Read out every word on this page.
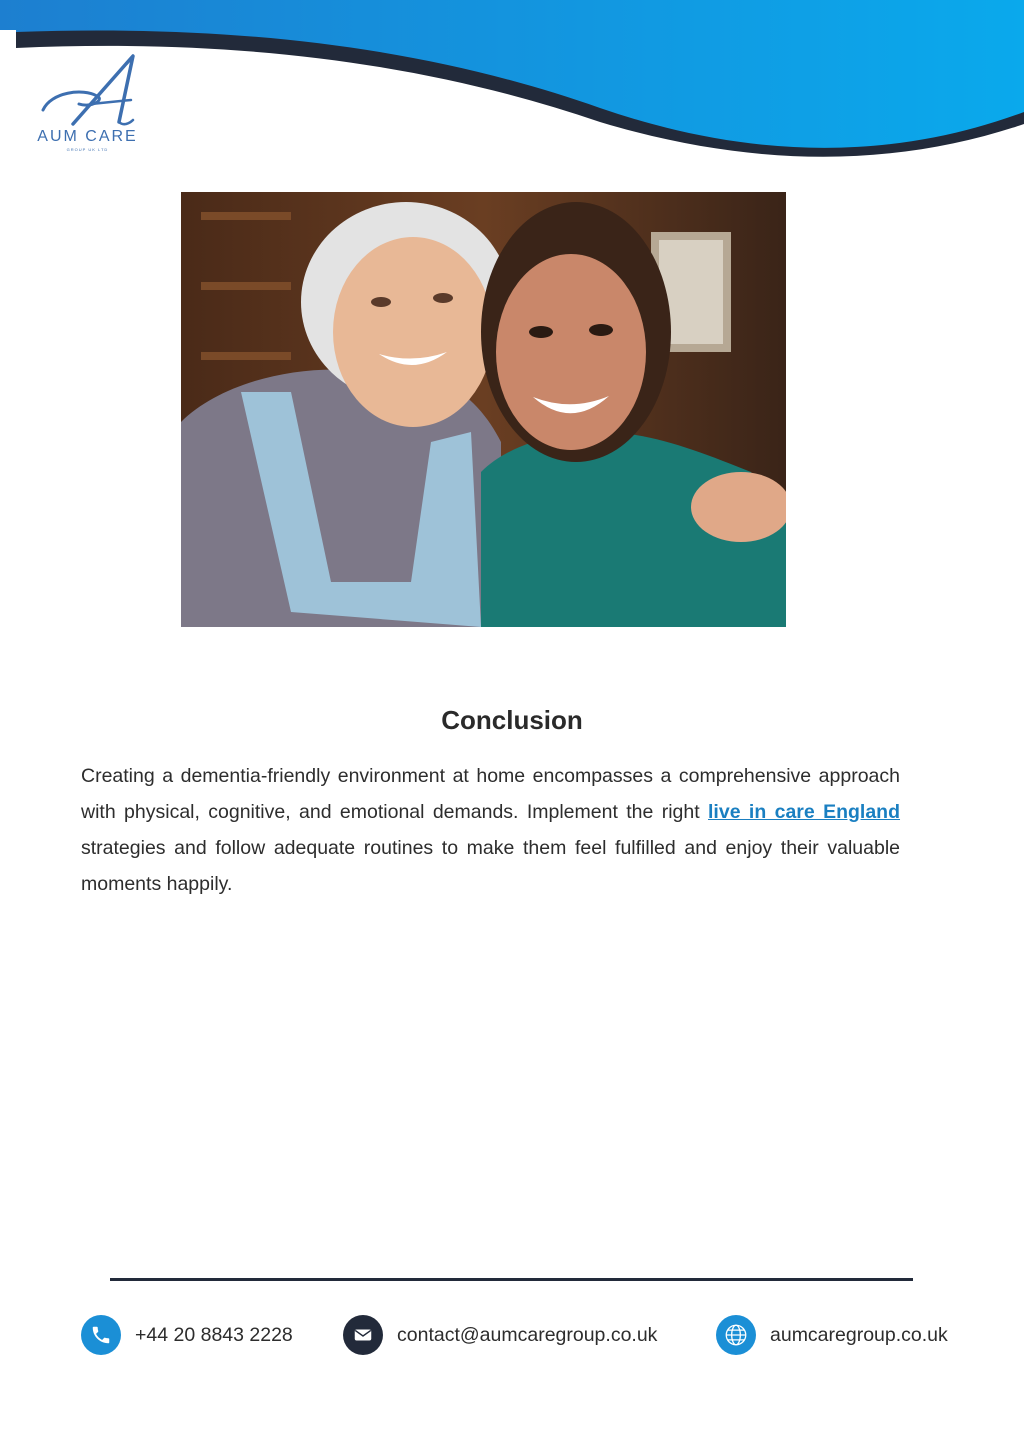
AUM CARE
GROUP UK LTD
Conclusion

Creating a dementia-friendly environment at home encompasses a comprehensive approach with physical, cognitive, and emotional demands. Implement the right live in care England strategies and follow adequate routines to make them feel fulfilled and enjoy their valuable moments happily.

+44 20 8843 2228	contact@aumcaregroup.co.uk	aumcaregroup.co.uk
